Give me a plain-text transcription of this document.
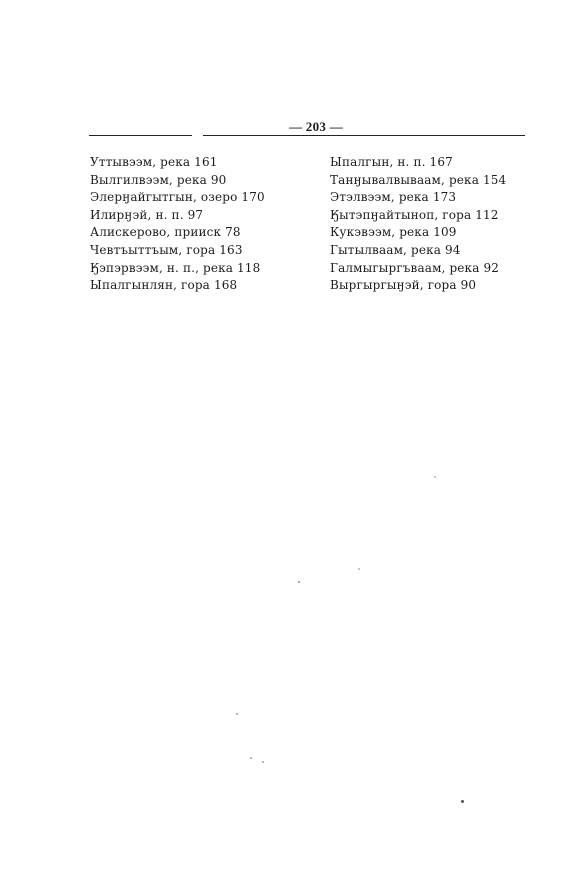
— 203 —
Уттывээм, река 161
Вылгилвээм, река 90
Элерӈайгытгын, озеро 170
Илирӈэй, н. п. 97
Алискерово, прииск 78
Чевтъыттъым, гора 163
Ӄэпэрвээм, н. п., река 118
Ыпалгынлян, гора 168
Ыпалгын, н. п. 167
Танӈывалвываам, река 154
Этэлвээм, река 173
Ӄытэпӈайтынoп, гора 112
Кукэвээм, река 109
Гытылваам, река 94
Галмыгыргъваам, река 92
Выргыргыӈэй, гора 90
